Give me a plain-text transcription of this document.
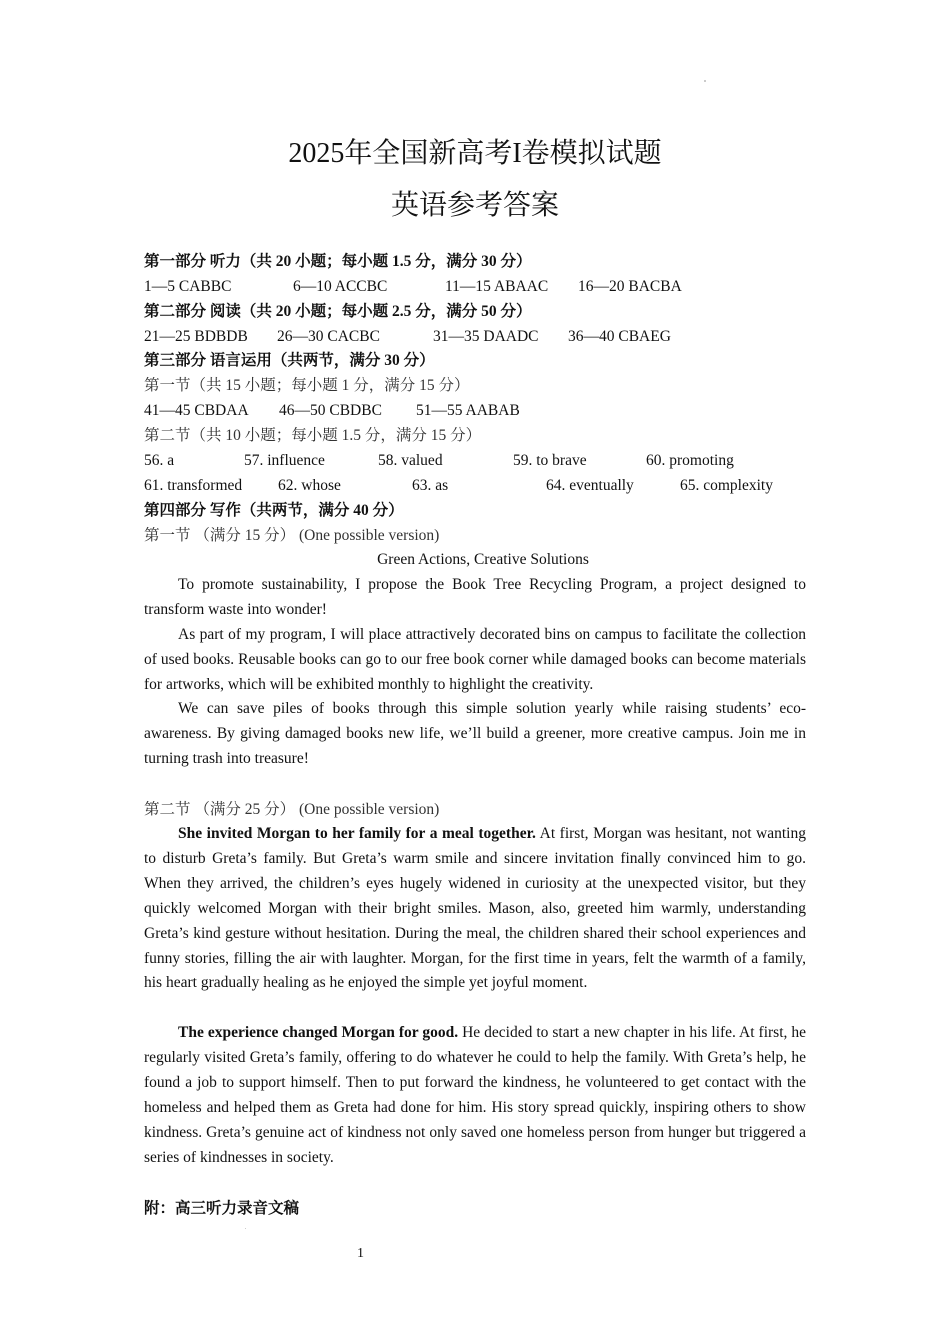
2025年全国新高考I卷模拟试题
英语参考答案
第一部分 听力（共 20 小题；每小题 1.5 分，满分 30 分）
1—5 CABBC	6—10 ACCBC	11—15 ABAAC 16—20 BACBA
第二部分 阅读（共 20 小题；每小题 2.5 分，满分 50 分）
21—25 BDBDB 26—30 CACBC	31—35 DAADC 36—40 CBAEG
第三部分 语言运用（共两节，满分 30 分）
第一节（共 15 小题；每小题 1 分，满分 15 分）
41—45 CBDAA 46—50 CBDBC 51—55 AABAB
第二节（共 10 小题；每小题 1.5 分，满分 15 分）
56. a	57. influence	58. valued	59. to brave	60. promoting
61. transformed 62. whose	63. as	64. eventually	65. complexity
第四部分 写作（共两节，满分 40 分）
第一节 （满分 15 分） (One possible version)
Green Actions, Creative Solutions
To promote sustainability, I propose the Book Tree Recycling Program, a project designed to transform waste into wonder!
As part of my program, I will place attractively decorated bins on campus to facilitate the collection of used books. Reusable books can go to our free book corner while damaged books can become materials for artworks, which will be exhibited monthly to highlight the creativity.
We can save piles of books through this simple solution yearly while raising students’ eco-awareness. By giving damaged books new life, we’ll build a greener, more creative campus. Join me in turning trash into treasure!
第二节 （满分 25 分） (One possible version)
She invited Morgan to her family for a meal together. At first, Morgan was hesitant, not wanting to disturb Greta’s family. But Greta’s warm smile and sincere invitation finally convinced him to go. When they arrived, the children’s eyes hugely widened in curiosity at the unexpected visitor, but they quickly welcomed Morgan with their bright smiles. Mason, also, greeted him warmly, understanding Greta’s kind gesture without hesitation. During the meal, the children shared their school experiences and funny stories, filling the air with laughter. Morgan, for the first time in years, felt the warmth of a family, his heart gradually healing as he enjoyed the simple yet joyful moment.
The experience changed Morgan for good. He decided to start a new chapter in his life. At first, he regularly visited Greta’s family, offering to do whatever he could to help the family. With Greta’s help, he found a job to support himself. Then to put forward the kindness, he volunteered to get contact with the homeless and helped them as Greta had done for him. His story spread quickly, inspiring others to show kindness. Greta’s genuine act of kindness not only saved one homeless person from hunger but triggered a series of kindnesses in society.
附：高三听力录音文稿
1
